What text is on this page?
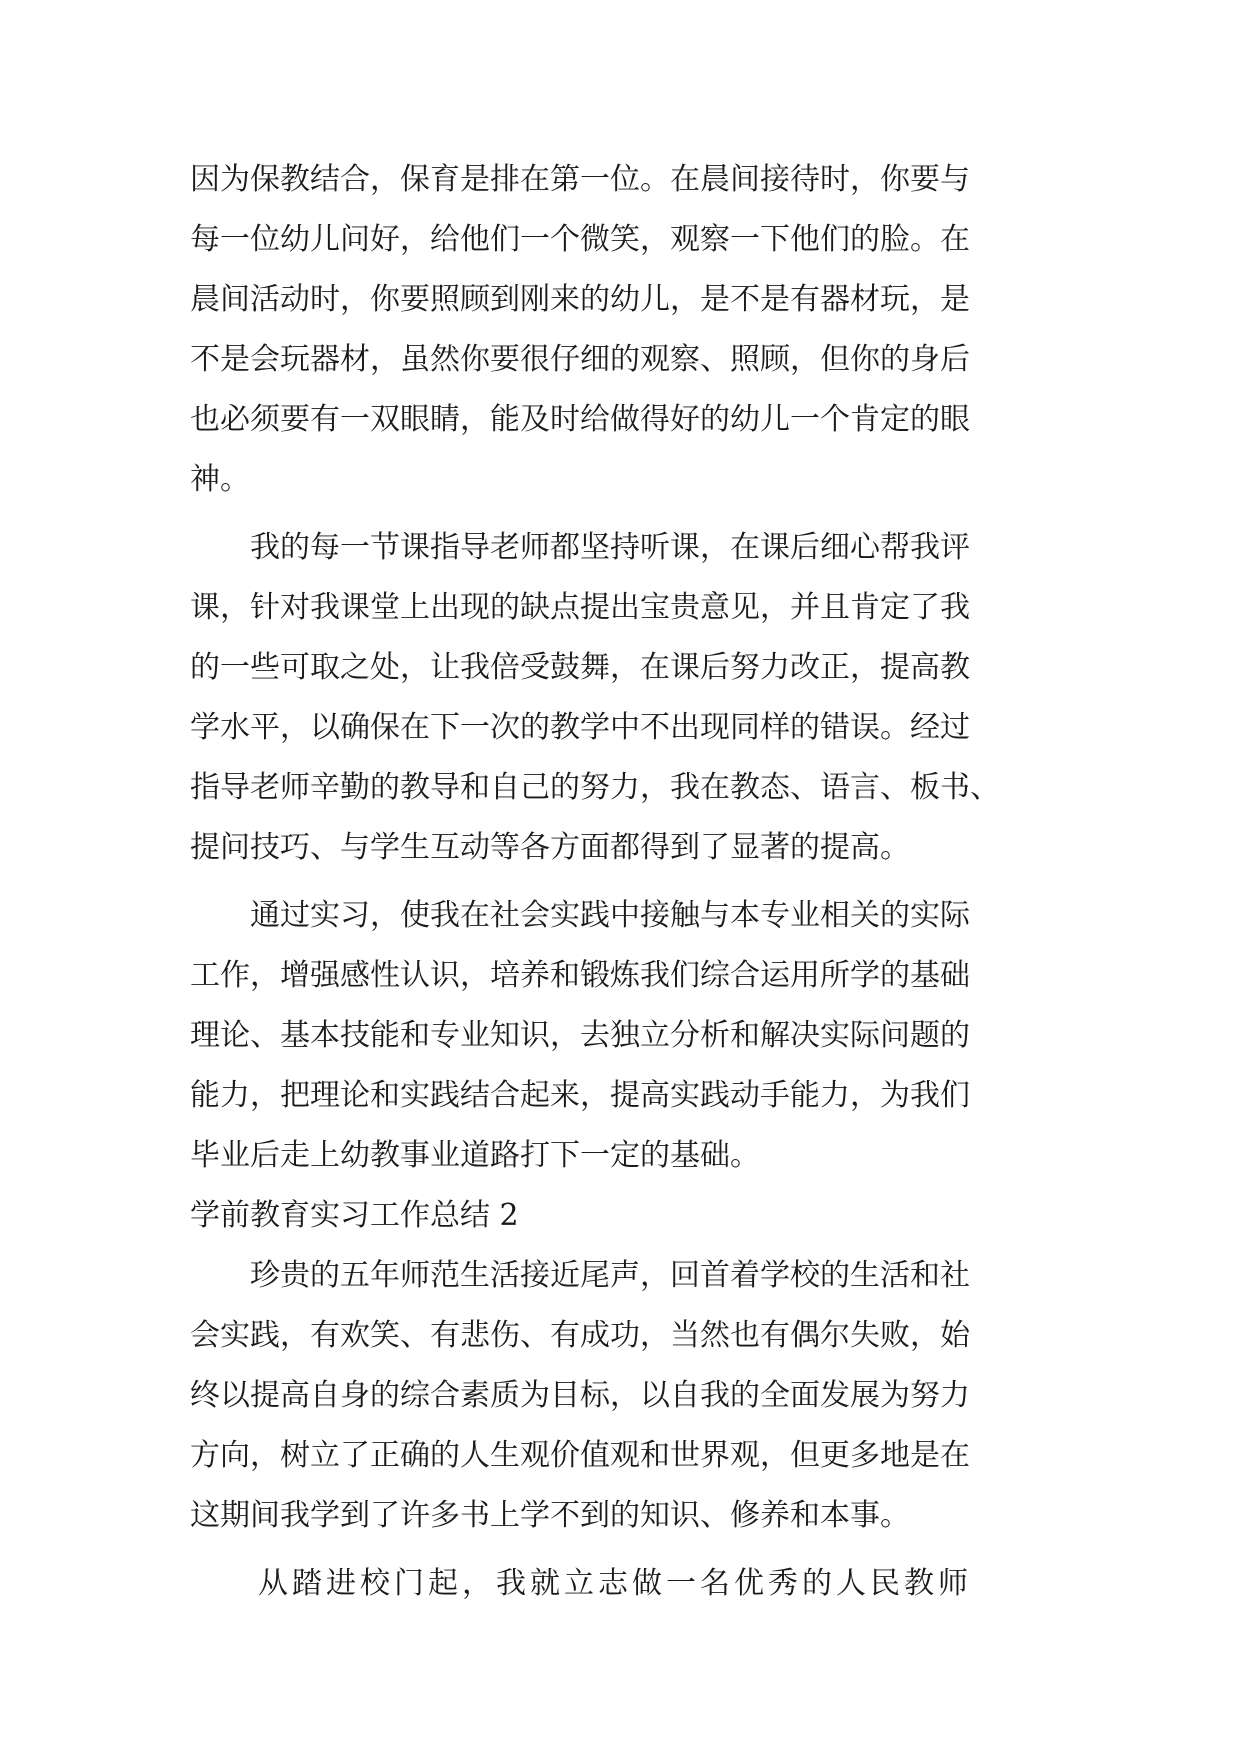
因为保教结合，保育是排在第一位。在晨间接待时，你要与
每一位幼儿问好，给他们一个微笑，观察一下他们的脸。在
晨间活动时，你要照顾到刚来的幼儿，是不是有器材玩，是
不是会玩器材，虽然你要很仔细的观察、照顾，但你的身后
也必须要有一双眼睛，能及时给做得好的幼儿一个肯定的眼
神。

我的每一节课指导老师都坚持听课，在课后细心帮我评
课，针对我课堂上出现的缺点提出宝贵意见，并且肯定了我
的一些可取之处，让我倍受鼓舞，在课后努力改正，提高教
学水平，以确保在下一次的教学中不出现同样的错误。经过
指导老师辛勤的教导和自己的努力，我在教态、语言、板书、
提问技巧、与学生互动等各方面都得到了显著的提高。

通过实习，使我在社会实践中接触与本专业相关的实际
工作，增强感性认识，培养和锻炼我们综合运用所学的基础
理论、基本技能和专业知识，去独立分析和解决实际问题的
能力，把理论和实践结合起来，提高实践动手能力，为我们
毕业后走上幼教事业道路打下一定的基础。

学前教育实习工作总结 2

珍贵的五年师范生活接近尾声，回首着学校的生活和社
会实践，有欢笑、有悲伤、有成功，当然也有偶尔失败，始
终以提高自身的综合素质为目标，以自我的全面发展为努力
方向，树立了正确的人生观价值观和世界观，但更多地是在
这期间我学到了许多书上学不到的知识、修养和本事。

从踏进校门起，我就立志做一名优秀的人民教师
